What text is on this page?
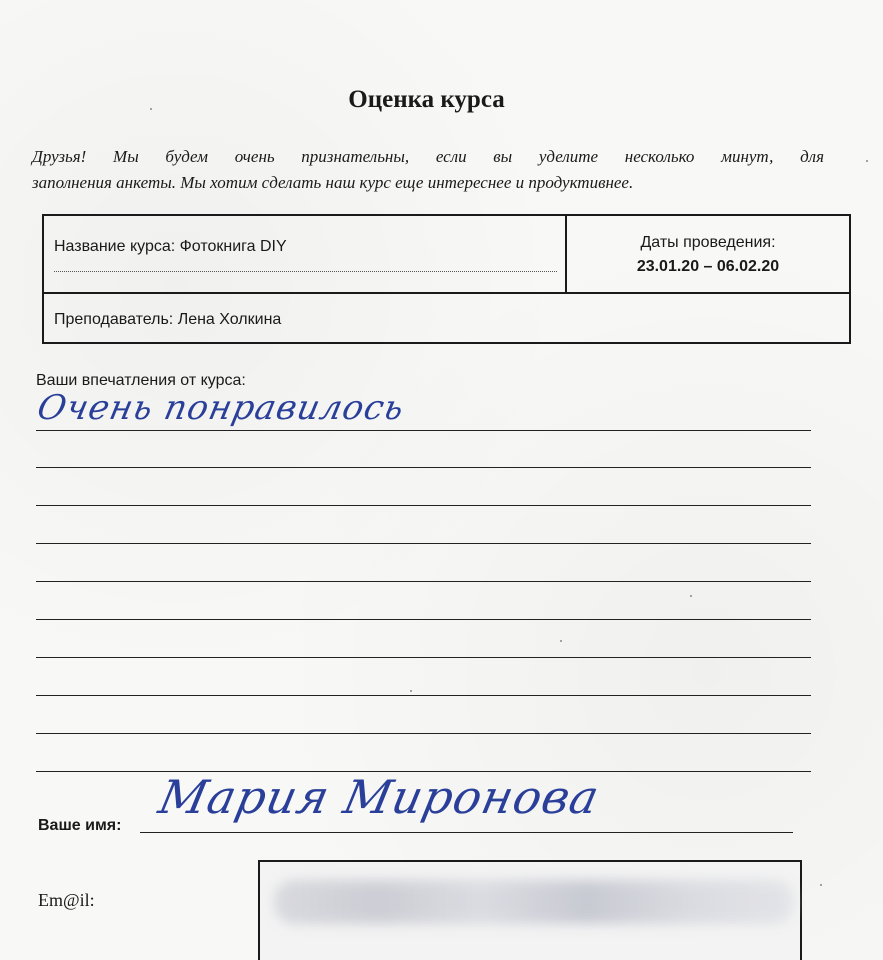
Оценка курса
Друзья! Мы будем очень признательны, если вы уделите несколько минут, для
заполнения анкеты. Мы хотим сделать наш курс еще интереснее и продуктивнее.
Название курса: Фотокнига DIY	Даты проведения:
23.01.20 – 06.02.20
Преподаватель: Лена Холкина
Ваши впечатления от курса:
Очень понравилось
Ваше имя:
Мария Миронова
Em@il:
